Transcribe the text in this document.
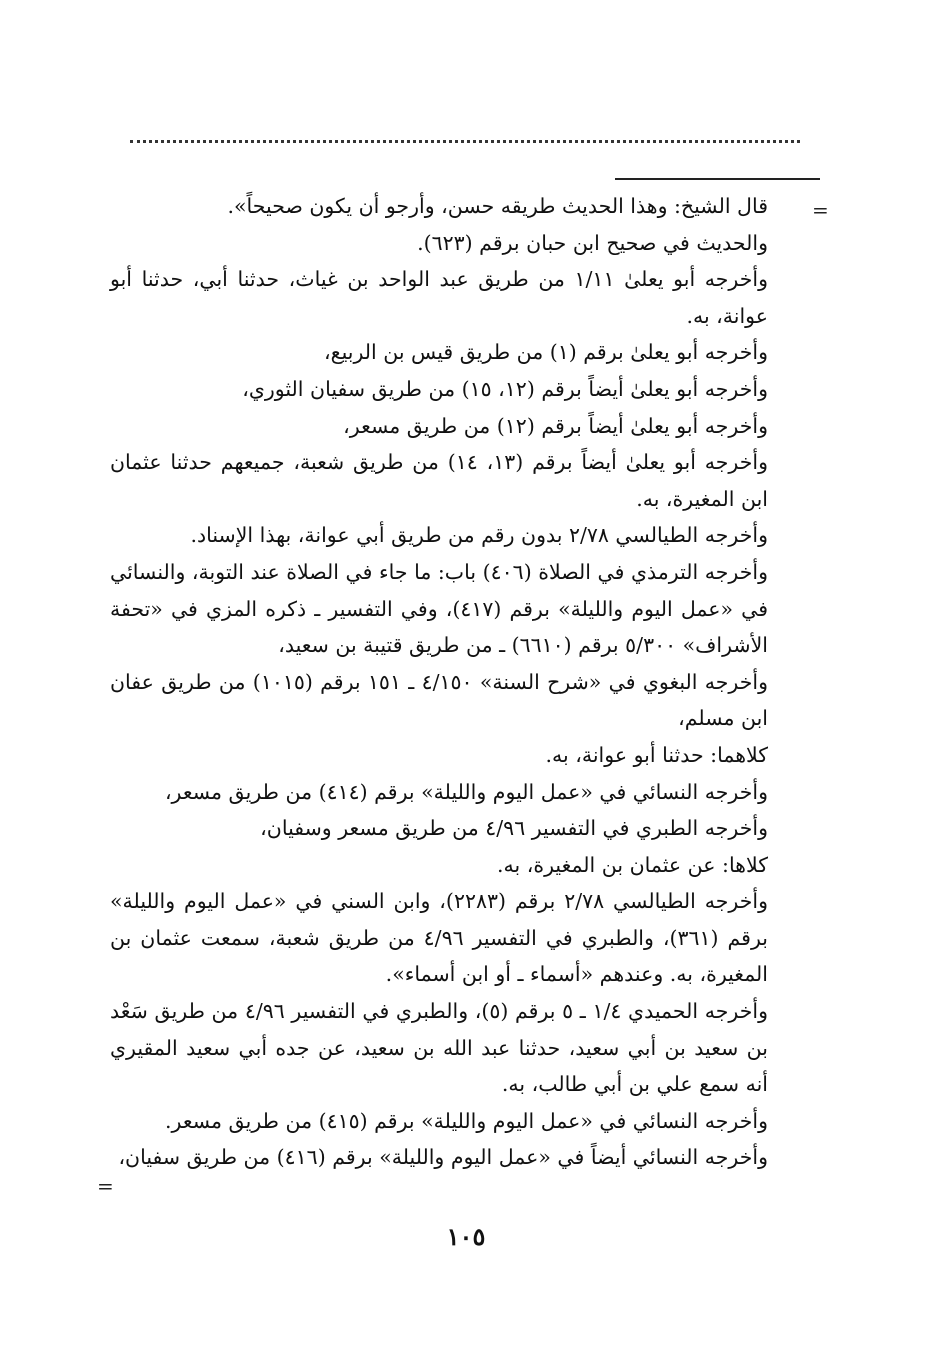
=

قال الشيخ: وهذا الحديث طريقه حسن، وأرجو أن يكون صحيحاً».

والحديث في صحيح ابن حبان برقم (٦٢٣).

وأخرجه أبو يعلىٰ ١/١١ من طريق عبد الواحد بن غياث، حدثنا أبي، حدثنا أبو عوانة، به.

وأخرجه أبو يعلىٰ برقم (١) من طريق قيس بن الربيع،

وأخرجه أبو يعلىٰ أيضاً برقم (١٢، ١٥) من طريق سفيان الثوري،

وأخرجه أبو يعلىٰ أيضاً برقم (١٢) من طريق مسعر،

وأخرجه أبو يعلىٰ أيضاً برقم (١٣، ١٤) من طريق شعبة، جميعهم حدثنا عثمان ابن المغيرة، به.

وأخرجه الطيالسي ٢/٧٨ بدون رقم من طريق أبي عوانة، بهذا الإسناد.

وأخرجه الترمذي في الصلاة (٤٠٦) باب: ما جاء في الصلاة عند التوبة، والنسائي في «عمل اليوم والليلة» برقم (٤١٧)، وفي التفسير ـ ذكره المزي في «تحفة الأشراف» ٥/٣٠٠ برقم (٦٦١٠) ـ من طريق قتيبة بن سعيد،

وأخرجه البغوي في «شرح السنة» ٤/١٥٠ ـ ١٥١ برقم (١٠١٥) من طريق عفان ابن مسلم،

كلاهما: حدثنا أبو عوانة، به.

وأخرجه النسائي في «عمل اليوم والليلة» برقم (٤١٤) من طريق مسعر،

وأخرجه الطبري في التفسير ٤/٩٦ من طريق مسعر وسفيان،

كلاها: عن عثمان بن المغيرة، به.

وأخرجه الطيالسي ٢/٧٨ برقم (٢٢٨٣)، وابن السني في «عمل اليوم والليلة» برقم (٣٦١)، والطبري في التفسير ٤/٩٦ من طريق شعبة، سمعت عثمان بن المغيرة، به. وعندهم «أسماء ـ أو ابن أسماء».

وأخرجه الحميدي ١/٤ ـ ٥ برقم (٥)، والطبري في التفسير ٤/٩٦ من طريق سَعْد بن سعيد بن أبي سعيد، حدثنا عبد الله بن سعيد، عن جده أبي سعيد المقيري أنه سمع علي بن أبي طالب، به.

وأخرجه النسائي في «عمل اليوم والليلة» برقم (٤١٥) من طريق مسعر.

وأخرجه النسائي أيضاً في «عمل اليوم والليلة» برقم (٤١٦) من طريق سفيان،

=
١٠٥
